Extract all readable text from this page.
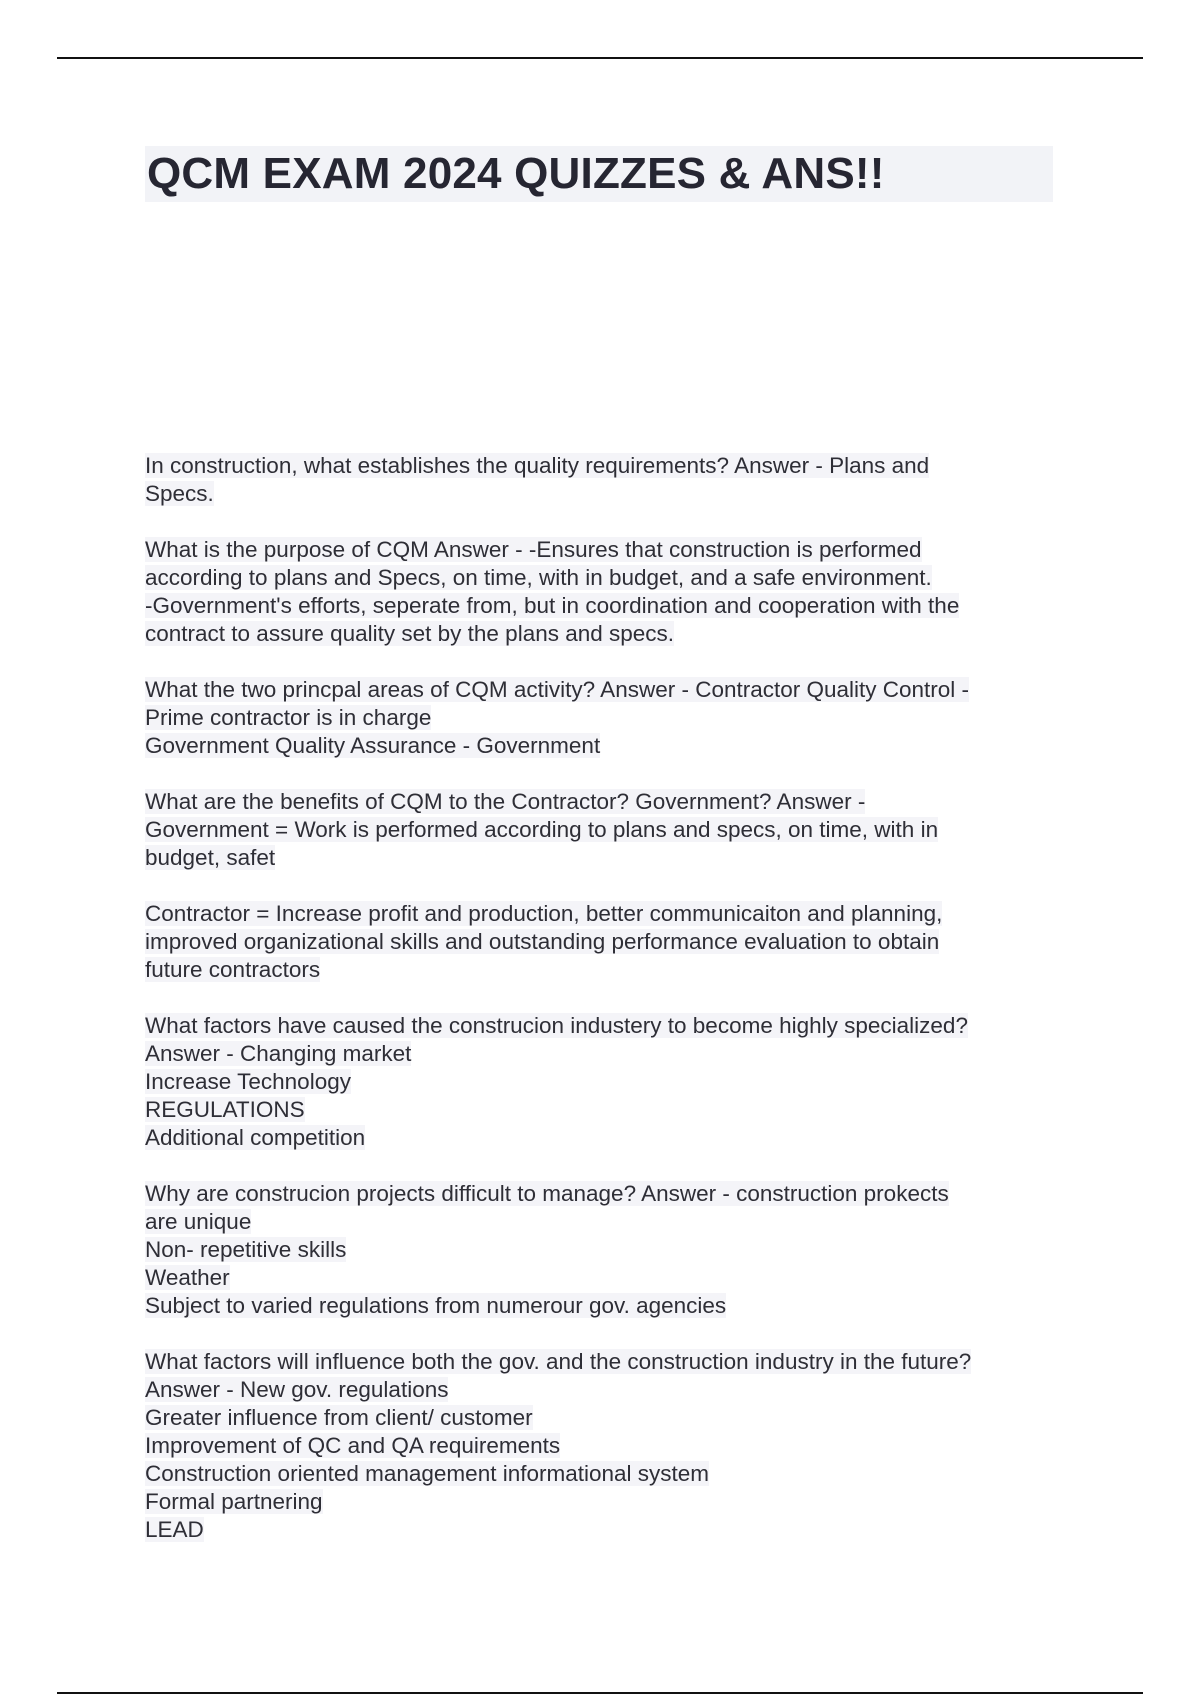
QCM EXAM 2024 QUIZZES & ANS!!
In construction, what establishes the quality requirements? Answer - Plans and
Specs.
What is the purpose of CQM Answer - -Ensures that construction is performed
according to plans and Specs, on time, with in budget, and a safe environment.
-Government's efforts, seperate from, but in coordination and cooperation with the
contract to assure quality set by the plans and specs.
What the two princpal areas of CQM activity? Answer - Contractor Quality Control -
Prime contractor is in charge
Government Quality Assurance - Government
What are the benefits of CQM to the Contractor? Government? Answer -
Government = Work is performed according to plans and specs, on time, with in
budget, safet
Contractor = Increase profit and production, better communicaiton and planning,
improved organizational skills and outstanding performance evaluation to obtain
future contractors
What factors have caused the construcion industery to become highly specialized?
Answer - Changing market
Increase Technology
REGULATIONS
Additional competition
Why are construcion projects difficult to manage? Answer - construction prokects
are unique
Non- repetitive skills
Weather
Subject to varied regulations from numerour gov. agencies
What factors will influence both the gov. and the construction industry in the future?
Answer - New gov. regulations
Greater influence from client/ customer
Improvement of QC and QA requirements
Construction oriented management informational system
Formal partnering
LEAD
